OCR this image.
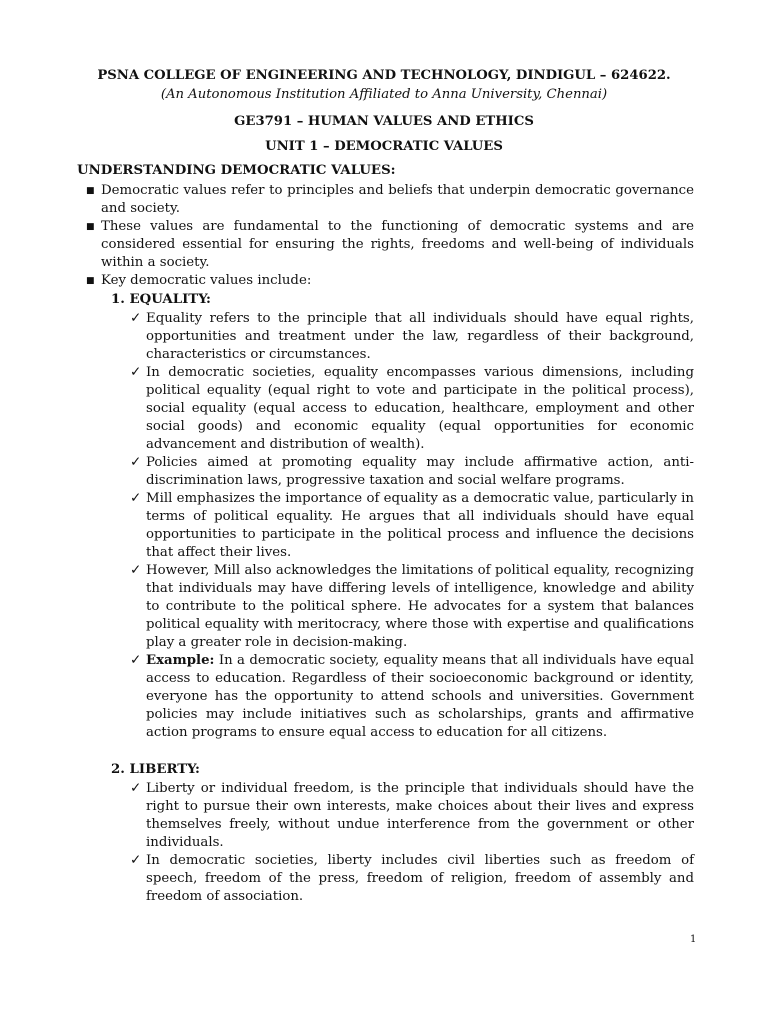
PSNA COLLEGE OF ENGINEERING AND TECHNOLOGY, DINDIGUL – 624622.
(An Autonomous Institution Affiliated to Anna University, Chennai)
GE3791 – HUMAN VALUES AND ETHICS
UNIT 1 – DEMOCRATIC VALUES
UNDERSTANDING DEMOCRATIC VALUES:
■ Democratic values refer to principles and beliefs that underpin democratic governance and society.
■ These values are fundamental to the functioning of democratic systems and are considered essential for ensuring the rights, freedoms and well-being of individuals within a society.
■ Key democratic values include:
1. EQUALITY:
✓ Equality refers to the principle that all individuals should have equal rights, opportunities and treatment under the law, regardless of their background, characteristics or circumstances.
✓ In democratic societies, equality encompasses various dimensions, including political equality (equal right to vote and participate in the political process), social equality (equal access to education, healthcare, employment and other social goods) and economic equality (equal opportunities for economic advancement and distribution of wealth).
✓ Policies aimed at promoting equality may include affirmative action, anti-discrimination laws, progressive taxation and social welfare programs.
✓ Mill emphasizes the importance of equality as a democratic value, particularly in terms of political equality. He argues that all individuals should have equal opportunities to participate in the political process and influence the decisions that affect their lives.
✓ However, Mill also acknowledges the limitations of political equality, recognizing that individuals may have differing levels of intelligence, knowledge and ability to contribute to the political sphere. He advocates for a system that balances political equality with meritocracy, where those with expertise and qualifications play a greater role in decision-making.
✓ Example: In a democratic society, equality means that all individuals have equal access to education. Regardless of their socioeconomic background or identity, everyone has the opportunity to attend schools and universities. Government policies may include initiatives such as scholarships, grants and affirmative action programs to ensure equal access to education for all citizens.
2. LIBERTY:
✓ Liberty or individual freedom, is the principle that individuals should have the right to pursue their own interests, make choices about their lives and express themselves freely, without undue interference from the government or other individuals.
✓ In democratic societies, liberty includes civil liberties such as freedom of speech, freedom of the press, freedom of religion, freedom of assembly and freedom of association.
1
